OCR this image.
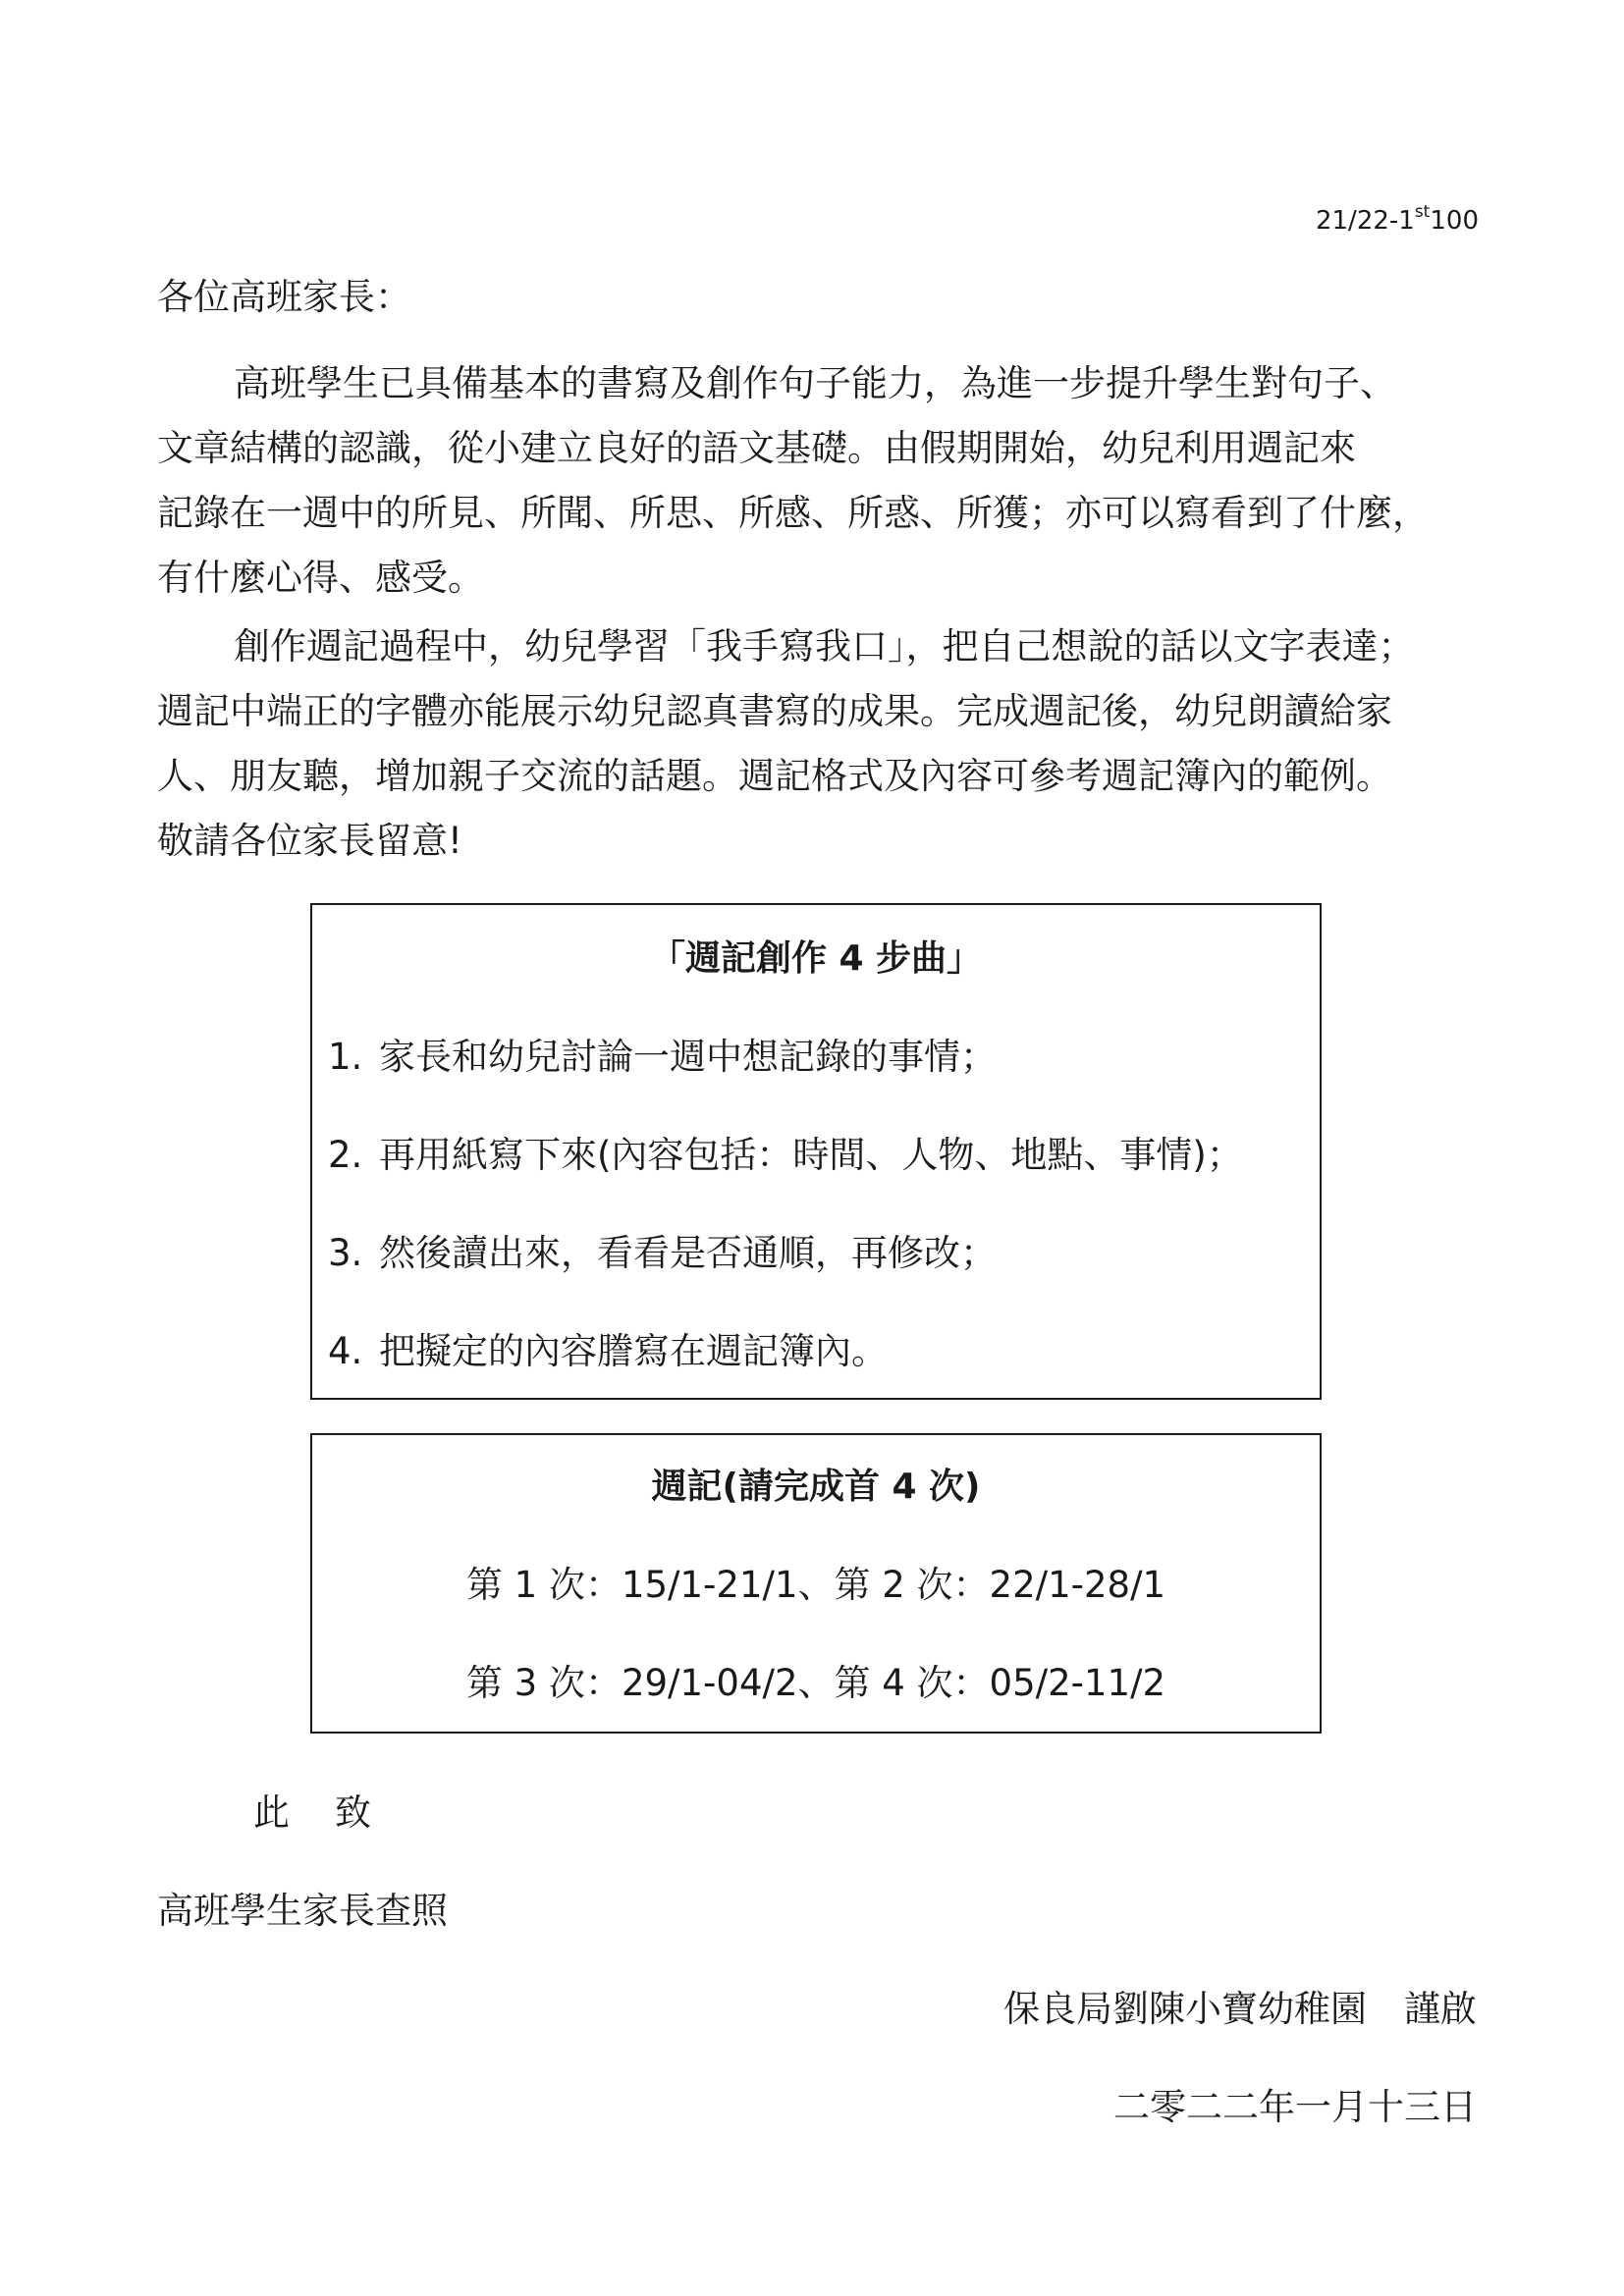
21/22-1st100
各位高班家長：
高班學生已具備基本的書寫及創作句子能力，為進一步提升學生對句子、
文章結構的認識，從小建立良好的語文基礎。由假期開始，幼兒利用週記來
記錄在一週中的所見、所聞、所思、所感、所惑、所獲；亦可以寫看到了什麼，
有什麼心得、感受。
創作週記過程中，幼兒學習「我手寫我口」，把自己想說的話以文字表達；
週記中端正的字體亦能展示幼兒認真書寫的成果。完成週記後，幼兒朗讀給家
人、朋友聽，增加親子交流的話題。週記格式及內容可參考週記簿內的範例。
敬請各位家長留意!
「週記創作 4 步曲」
1. 家長和幼兒討論一週中想記錄的事情；
2. 再用紙寫下來(內容包括：時間、人物、地點、事情)；
3. 然後讀出來，看看是否通順，再修改；
4. 把擬定的內容謄寫在週記簿內。
週記(請完成首 4 次)
第 1 次：15/1-21/1、第 2 次：22/1-28/1
第 3 次：29/1-04/2、第 4 次：05/2-11/2
此 致
高班學生家長查照
保良局劉陳小寶幼稚園 謹啟
二零二二年一月十三日
